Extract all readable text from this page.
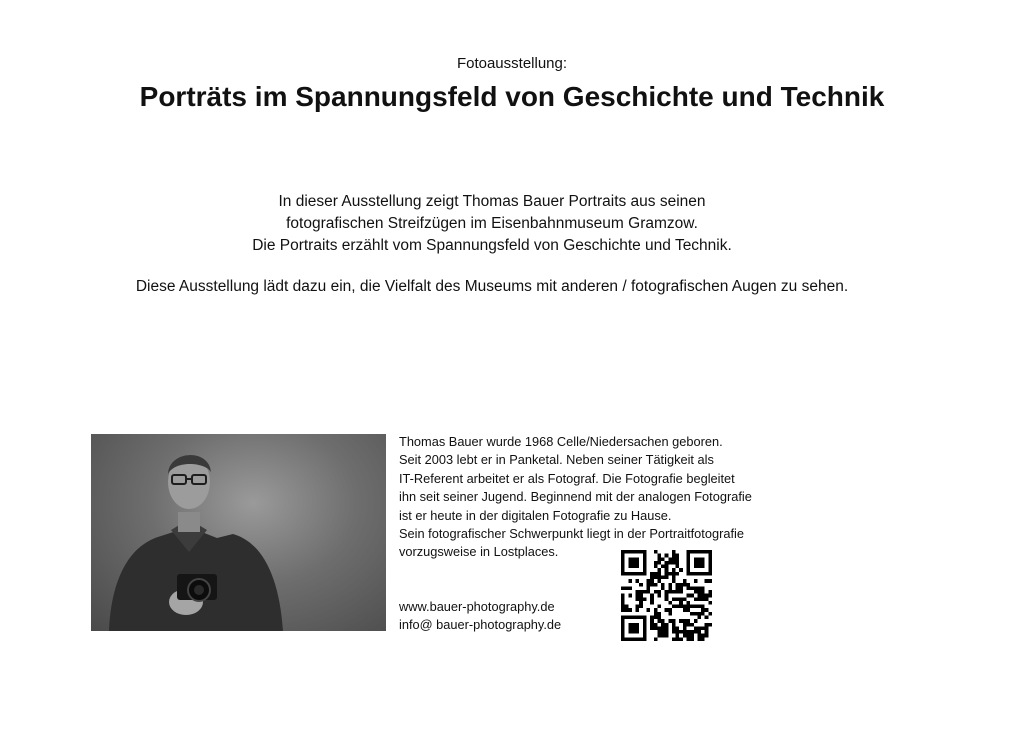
Fotoausstellung:
Porträts im Spannungsfeld von Geschichte und Technik

In dieser Ausstellung zeigt Thomas Bauer Portraits aus seinen

fotografischen Streifzügen im Eisenbahnmuseum Gramzow.

Die Portraits erzählt vom Spannungsfeld von Geschichte und Technik.

Diese Ausstellung lädt dazu ein, die Vielfalt des Museums mit anderen / fotografischen Augen zu sehen.
Thomas Bauer wurde 1968 Celle/Niedersachen geboren.
Seit 2003 lebt er in Panketal. Neben seiner Tätigkeit als
IT-Referent arbeitet er als Fotograf. Die Fotografie begleitet
ihn seit seiner Jugend. Beginnend mit der analogen Fotografie
ist er heute in der digitalen Fotografie zu Hause.
Sein fotografischer Schwerpunkt liegt in der Portraitfotografie
vorzugsweise in Lostplaces.
www.bauer-photography.de
info@ bauer-photography.de
